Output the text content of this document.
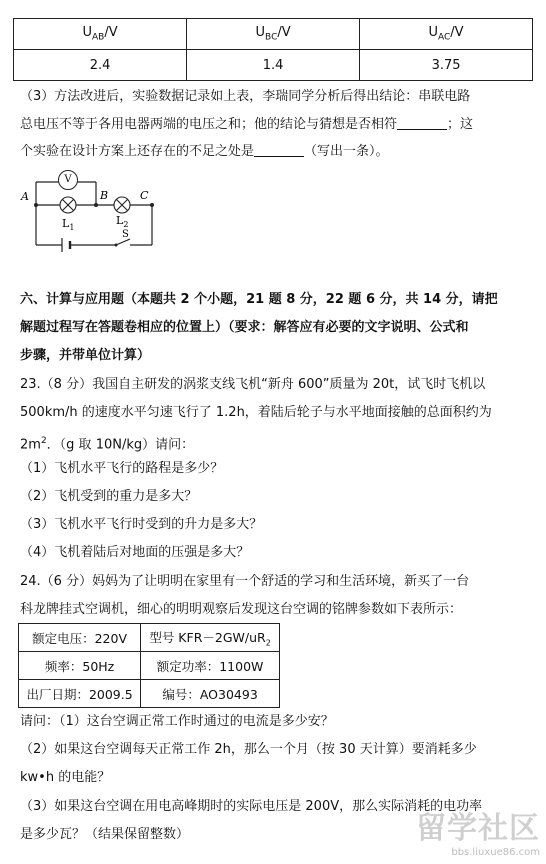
$U_{AB}/V$	$U_{BC}/V$	$U_{AC}/V$
2.4	1.4	3.75
（3）方法改进后，实验数据记录如上表，李瑞同学分析后得出结论：串联电路
总电压不等于各用电器两端的电压之和；他的结论与猜想是否相符	；这
个实验在设计方案上还存在的不足之处是	（写出一条）。
A	B	C
$L_1$
$L_2$
S
V
六、计算与应用题（本题共 2 个小题，21 题 8 分，22 题 6 分，共 14 分，请把
解题过程写在答题卷相应的位置上）（要求：解答应有必要的文字说明、公式和
步骤，并带单位计算）
23.（8 分）我国自主研发的涡浆支线飞机“新舟 600”质量为 20t，试飞时飞机以
500km/h 的速度水平匀速飞行了 1.2h，着陆后轮子与水平地面接触的总面积约为
$2m^2$．（g 取 10N/kg）请问：
（1）飞机水平飞行的路程是多少？
（2）飞机受到的重力是多大？
（3）飞机水平飞行时受到的升力是多大？
（4）飞机着陆后对地面的压强是多大？
24.（6 分）妈妈为了让明明在家里有一个舒适的学习和生活环境，新买了一台
科龙牌挂式空调机，细心的明明观察后发现这台空调的铭牌参数如下表所示：
额定电压：220V	型号 $KFR-2GW/uR_2$
频率：50Hz	额定功率：1100W
出厂日期：2009.5	编号：AO30493
请问：（1）这台空调正常工作时通过的电流是多少安？
（2）如果这台空调每天正常工作 2h，那么一个月（按 30 天计算）要消耗多少
kw•h 的电能？
（3）如果这台空调在用电高峰期时的实际电压是 200V，那么实际消耗的电功率
是多少瓦？（结果保留整数）	留学社区
bbs.liuxue86.com
